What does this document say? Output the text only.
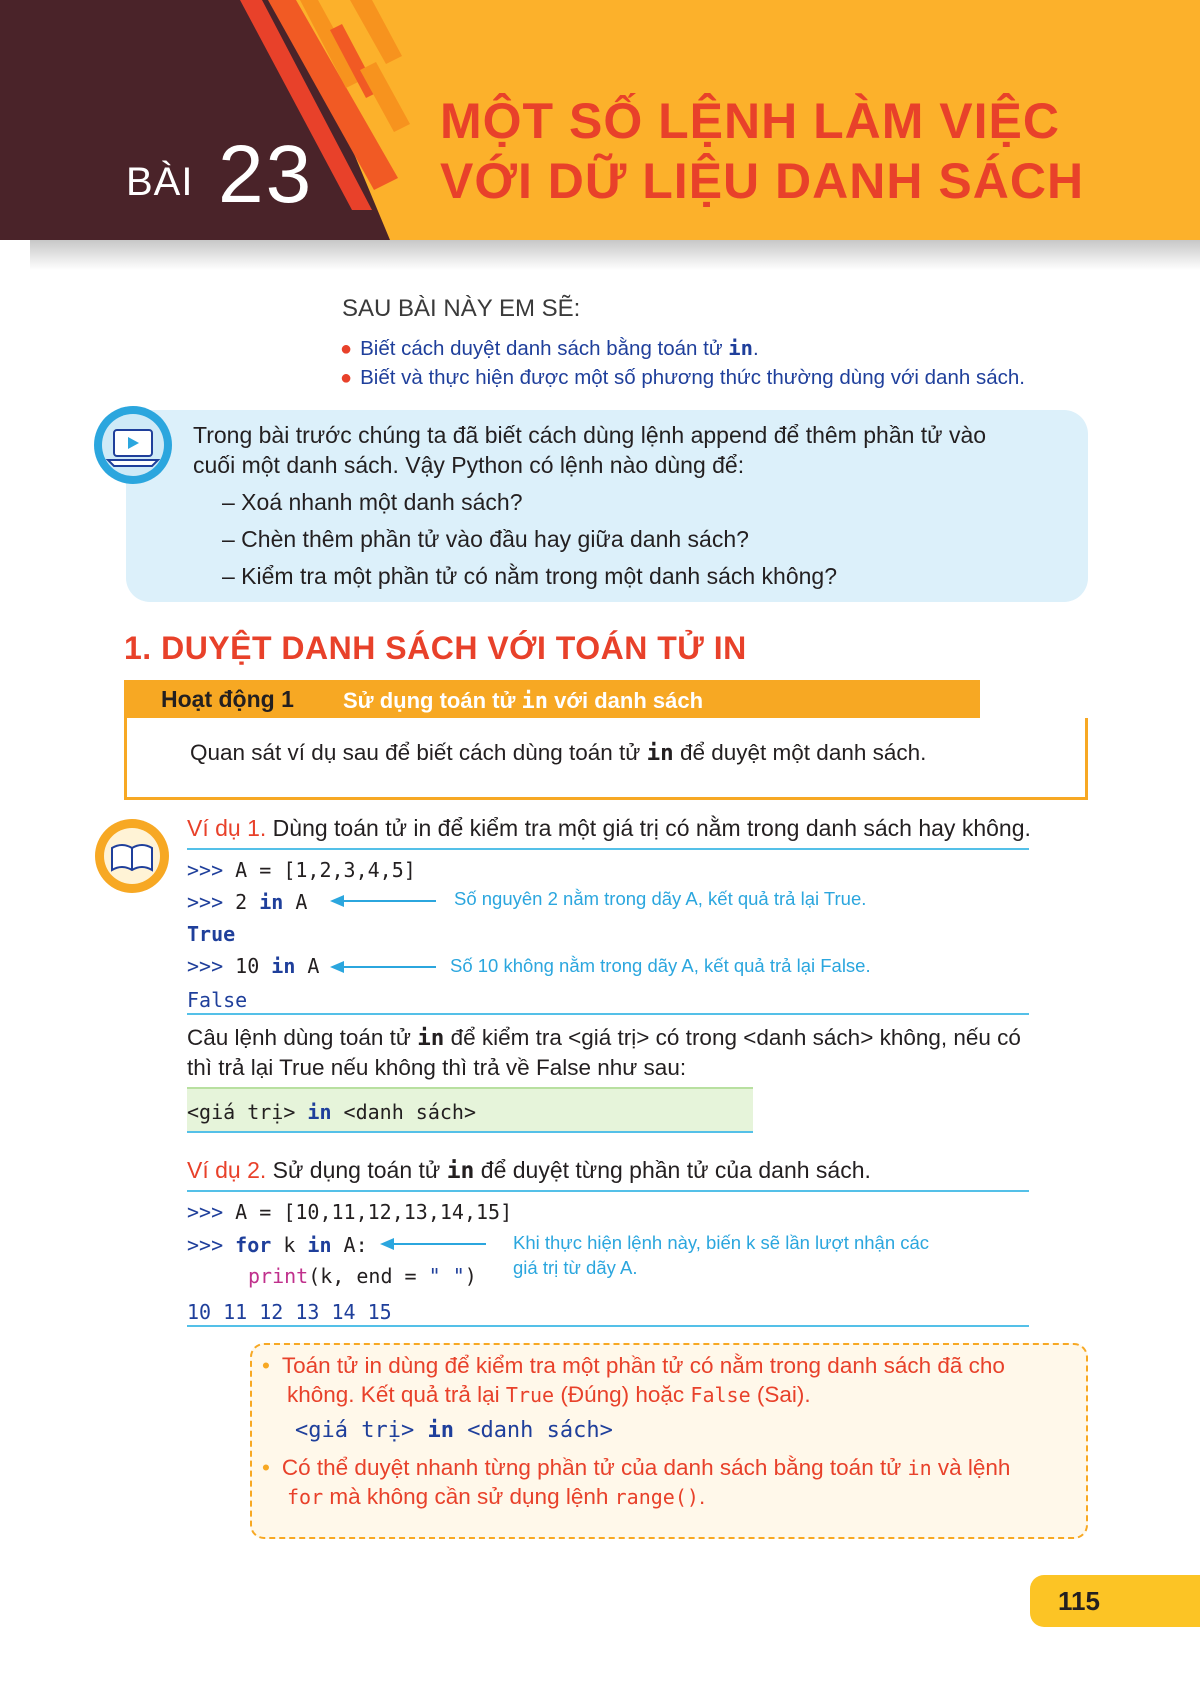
BÀI 23
MỘT SỐ LỆNH LÀM VIỆC
VỚI DỮ LIỆU DANH SÁCH
SAU BÀI NÀY EM SẼ:
● Biết cách duyệt danh sách bằng toán tử in.
● Biết và thực hiện được một số phương thức thường dùng với danh sách.
Trong bài trước chúng ta đã biết cách dùng lệnh append để thêm phần tử vào
cuối một danh sách. Vậy Python có lệnh nào dùng để:
– Xoá nhanh một danh sách?
– Chèn thêm phần tử vào đầu hay giữa danh sách?
– Kiểm tra một phần tử có nằm trong một danh sách không?
1. DUYỆT DANH SÁCH VỚI TOÁN TỬ IN
Hoạt động 1 Sử dụng toán tử in với danh sách
Quan sát ví dụ sau để biết cách dùng toán tử in để duyệt một danh sách.
Ví dụ 1. Dùng toán tử in để kiểm tra một giá trị có nằm trong danh sách hay không.
>>> A = [1,2,3,4,5]
>>> 2 in A	Số nguyên 2 nằm trong dãy A, kết quả trả lại True.
True
>>> 10 in A	Số 10 không nằm trong dãy A, kết quả trả lại False.
False
Câu lệnh dùng toán tử in để kiểm tra <giá trị> có trong <danh sách> không, nếu có
thì trả lại True nếu không thì trả về False như sau:
<giá trị> in <danh sách>
Ví dụ 2. Sử dụng toán tử in để duyệt từng phần tử của danh sách.
>>> A = [10,11,12,13,14,15]
>>> for k in A:	Khi thực hiện lệnh này, biến k sẽ lần lượt nhận các
giá trị từ dãy A.
print(k, end = " ")
10 11 12 13 14 15
• Toán tử in dùng để kiểm tra một phần tử có nằm trong danh sách đã cho
không. Kết quả trả lại True (Đúng) hoặc False (Sai).
<giá trị> in <danh sách>
• Có thể duyệt nhanh từng phần tử của danh sách bằng toán tử in và lệnh
for mà không cần sử dụng lệnh range().
115
